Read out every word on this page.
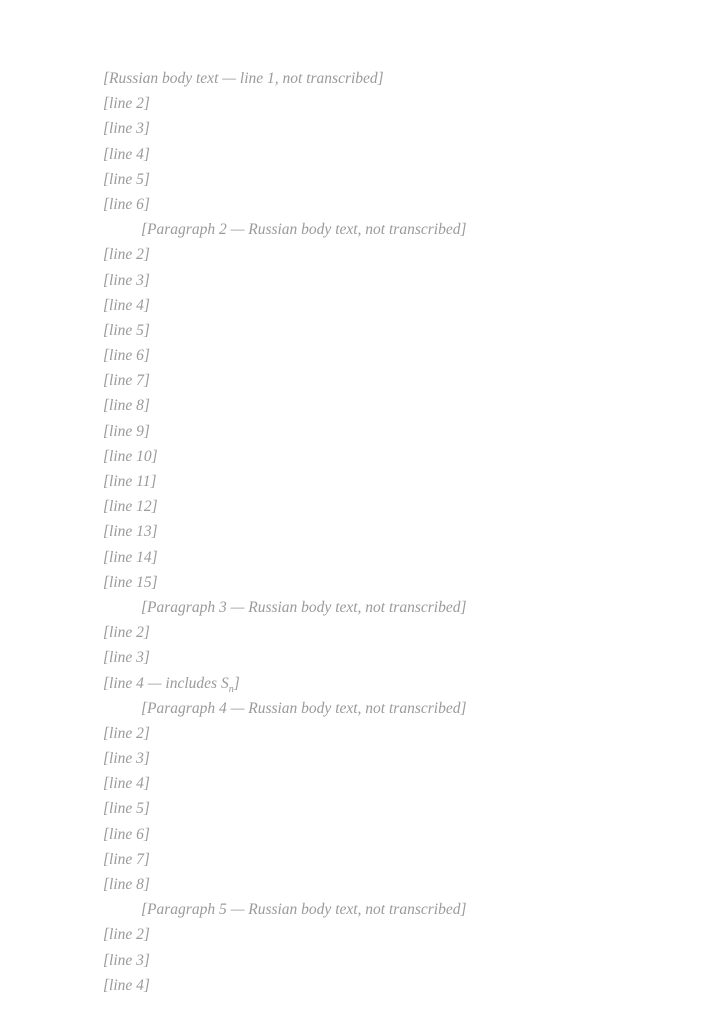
[Russian body text — line 1, not transcribed]
[line 2]
[line 3]
[line 4]
[line 5]
[line 6]

[Paragraph 2 — Russian body text, not transcribed]
[line 2]
[line 3]
[line 4]
[line 5]
[line 6]
[line 7]
[line 8]
[line 9]
[line 10]
[line 11]
[line 12]
[line 13]
[line 14]
[line 15]

[Paragraph 3 — Russian body text, not transcribed]
[line 2]
[line 3]
[line 4 — includes $S_n$]

[Paragraph 4 — Russian body text, not transcribed]
[line 2]
[line 3]
[line 4]
[line 5]
[line 6]
[line 7]
[line 8]

[Paragraph 5 — Russian body text, not transcribed]
[line 2]
[line 3]
[line 4]
